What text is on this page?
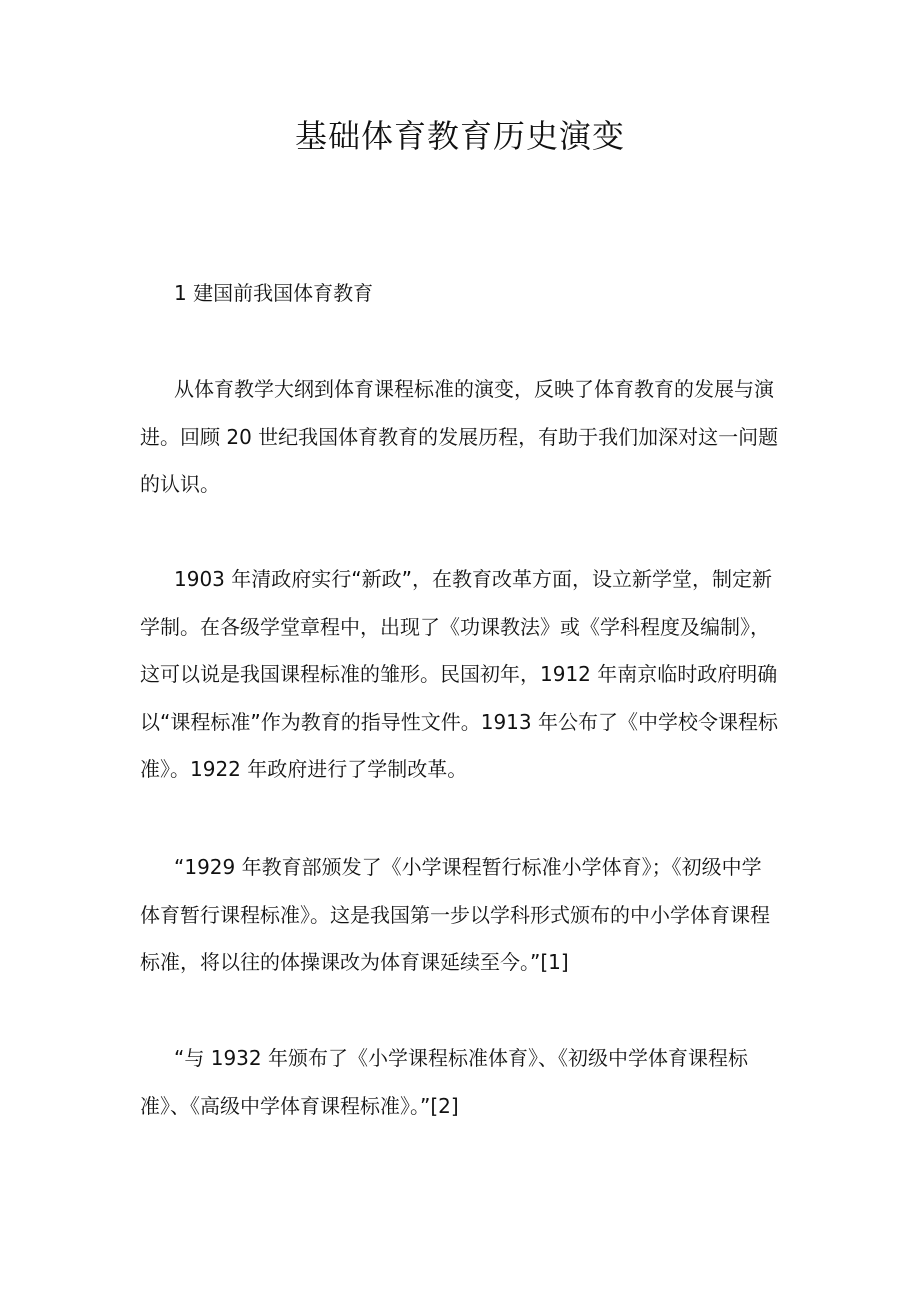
基础体育教育历史演变

1 建国前我国体育教育

从体育教学大纲到体育课程标准的演变，反映了体育教育的发展与演进。回顾 20 世纪我国体育教育的发展历程，有助于我们加深对这一问题的认识。

1903 年清政府实行“新政”，在教育改革方面，设立新学堂，制定新学制。在各级学堂章程中，出现了《功课教法》或《学科程度及编制》，这可以说是我国课程标准的雏形。民国初年，1912 年南京临时政府明确以“课程标准”作为教育的指导性文件。1913 年公布了《中学校令课程标准》。1922 年政府进行了学制改革。

“1929 年教育部颁发了《小学课程暂行标准小学体育》；《初级中学体育暂行课程标准》。这是我国第一步以学科形式颁布的中小学体育课程标准，将以往的体操课改为体育课延续至今。”[1]

“与 1932 年颁布了《小学课程标准体育》、《初级中学体育课程标准》、《高级中学体育课程标准》。”[2]
